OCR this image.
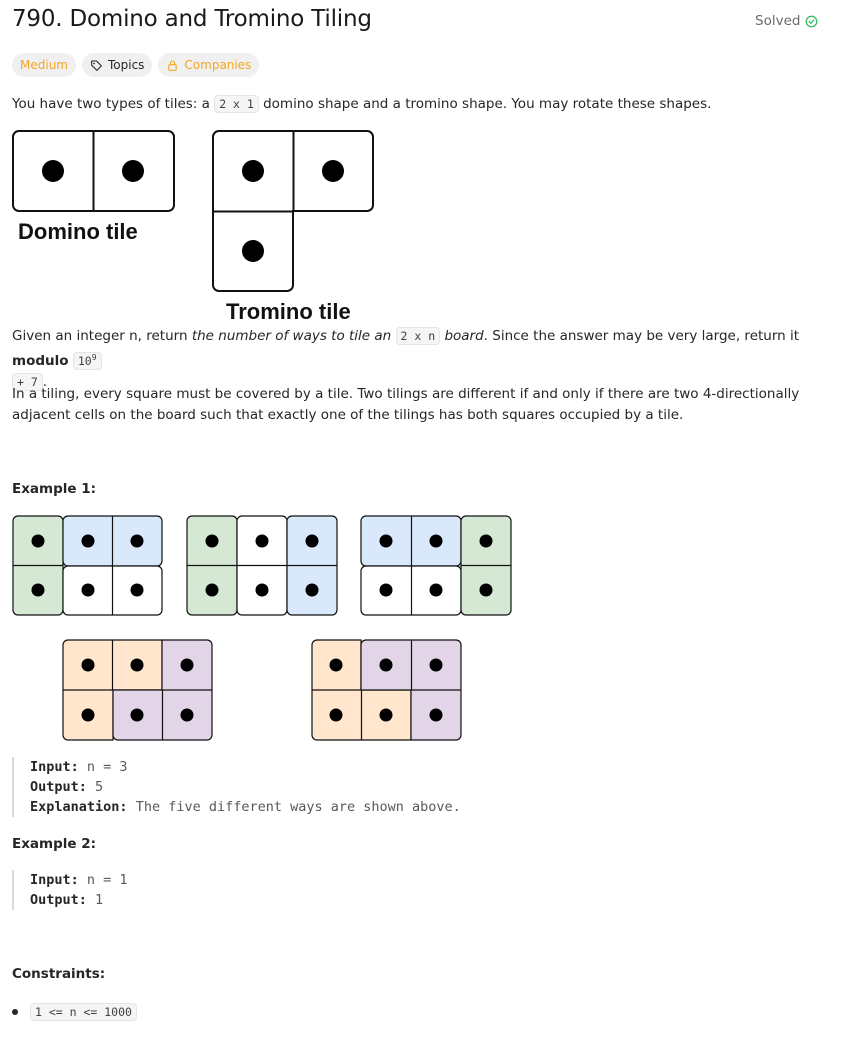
790. Domino and Tromino Tiling	Solved
Medium	Topics	Companies
You have two types of tiles: a 2 x 1 domino shape and a tromino shape. You may rotate these shapes.
Domino tile
Tromino tile
Given an integer n, return the number of ways to tile an 2 x n board. Since the answer may be very large, return it modulo $10^9$
+ 7 .
In a tiling, every square must be covered by a tile. Two tilings are different if and only if there are two 4-directionally adjacent cells on the board such that exactly one of the tilings has both squares occupied by a tile.
Example 1:
Input: n = 3
Output: 5
Explanation: The five different ways are shown above.
Example 2:
Input: n = 1
Output: 1
Constraints:
1 <= n <= 1000
